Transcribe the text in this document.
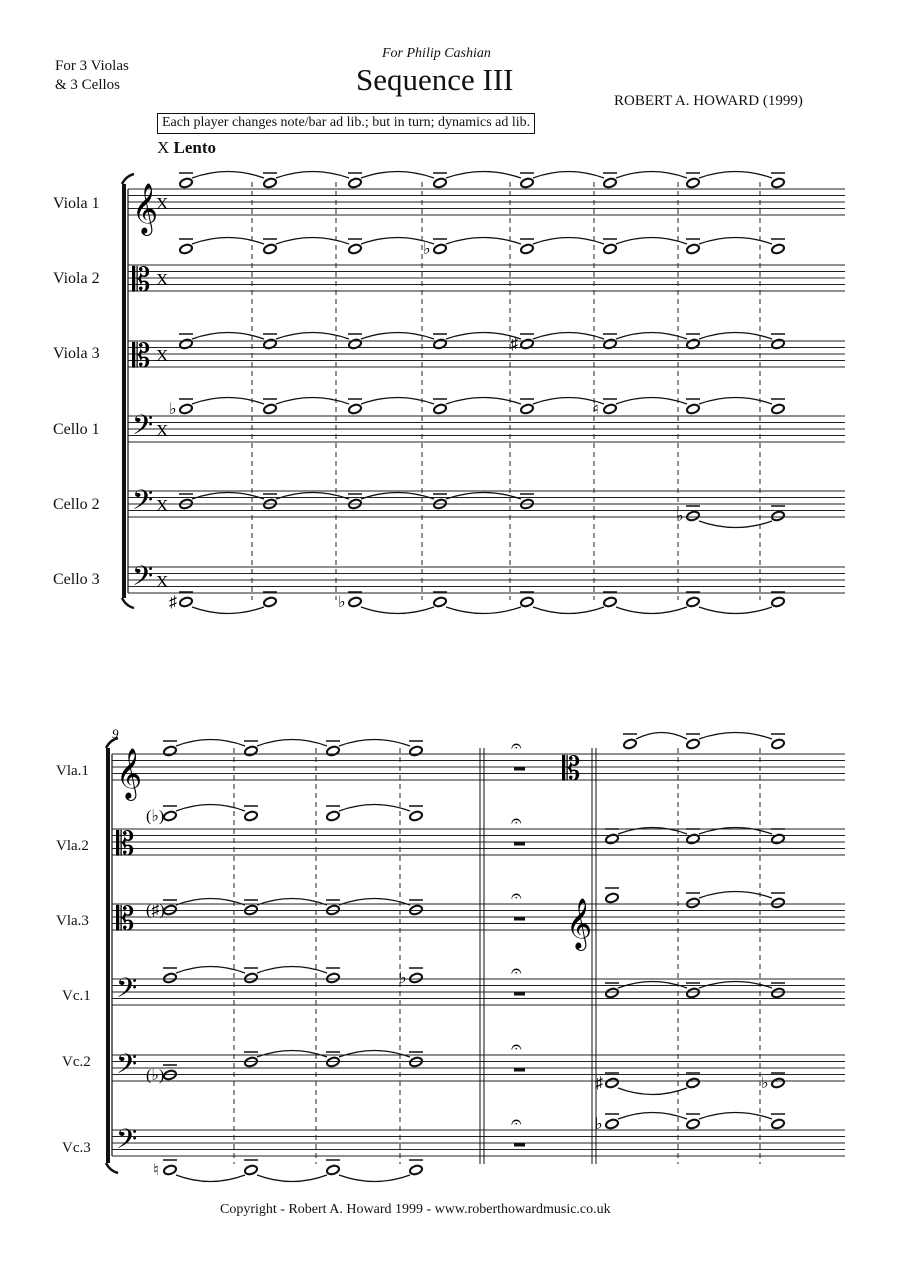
For 3 Violas
& 3 Cellos
For Philip Cashian
Sequence III
ROBERT A. HOWARD (1999)
Each player changes note/bar ad lib.; but in turn; dynamics ad lib.
X Lento
Viola 1
Viola 2
Viola 3
Cello 1
Cello 2
Cello 3
Vla.1
Vla.2
Vla.3
Vc.1
Vc.2
Vc.3
𝄞
X
𝄡 X
𝄡 X
𝄢 X
𝄢 X
𝄢 X
♭
♯
♭	♮
♭
♯	♭
𝄞
𝄡
𝄡
𝄢
𝄢
𝄢
𝄐
𝄐
𝄐
𝄐
𝄐
𝄐
𝄡
𝄞
(♭)
(♯)
♭
(♭)	♯	♭
♮
♭
9
Copyright - Robert A. Howard 1999 - www.roberthowardmusic.co.uk
